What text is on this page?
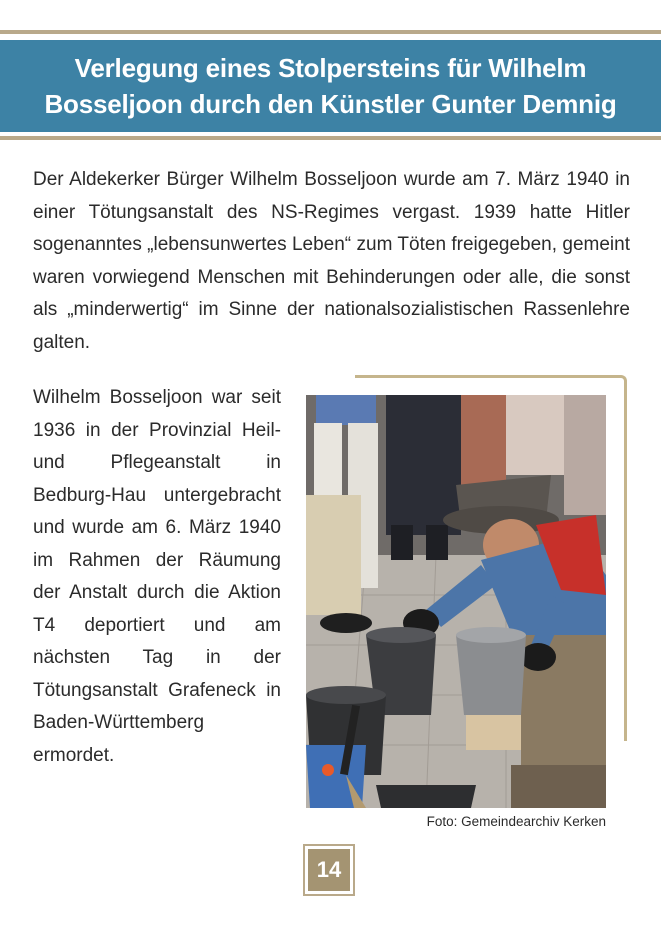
Verlegung eines Stolpersteins für Wilhelm
Bosseljoon durch den Künstler Gunter Demnig

Der Aldekerker Bürger Wilhelm Bosseljoon wurde am 7. März 1940 in einer Tötungsanstalt des NS-Regimes vergast. 1939 hatte Hitler sogenanntes „lebensunwertes Leben“ zum Töten freigegeben, gemeint waren vorwiegend Menschen mit Behinderungen oder alle, die sonst als „minderwertig“ im Sinne der nationalsozialistischen Rassenlehre galten.

Wilhelm Bosseljoon war seit 1936 in der Provinzial Heil- und Pflegeanstalt in Bedburg-Hau untergebracht und wurde am 6. März 1940 im Rahmen der Räumung der Anstalt durch die Aktion T4 deportiert und am nächsten Tag in der Tötungsanstalt Grafeneck in Baden-Württemberg ermordet.

Foto: Gemeindearchiv Kerken
14
